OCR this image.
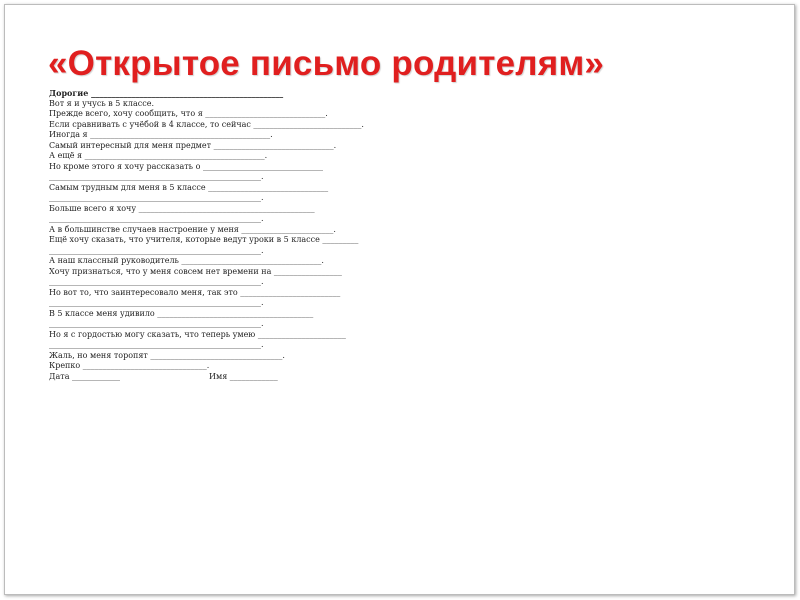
«Открытое письмо родителям»
Дорогие ________________________________________________
Вот я и учусь в 5 классе.
Прежде всего, хочу сообщить, что я ______________________________.
Если сравнивать с учёбой в 4 классе, то сейчас ___________________________.
Иногда я _____________________________________________.
Самый интересный для меня предмет ______________________________.
А ещё я _____________________________________________.
Но кроме этого я хочу рассказать о ______________________________
_____________________________________________________.
Самым трудным для меня в 5 классе ______________________________
_____________________________________________________.
Больше всего я хочу ____________________________________________
_____________________________________________________.
А в большинстве случаев настроение у меня _______________________.
Ещё хочу сказать, что учителя, которые ведут уроки в 5 классе _________
_____________________________________________________.
А наш классный руководитель ___________________________________.
Хочу признаться, что у меня совсем нет времени на _________________
_____________________________________________________.
Но вот то, что заинтересовало меня, так это _________________________
_____________________________________________________.
В 5 классе меня удивило _______________________________________
_____________________________________________________.
Но я с гордостью могу сказать, что теперь умею ______________________
_____________________________________________________.
Жаль, но меня торопят _________________________________.
Крепко _______________________________.
Дата ____________	Имя ____________
